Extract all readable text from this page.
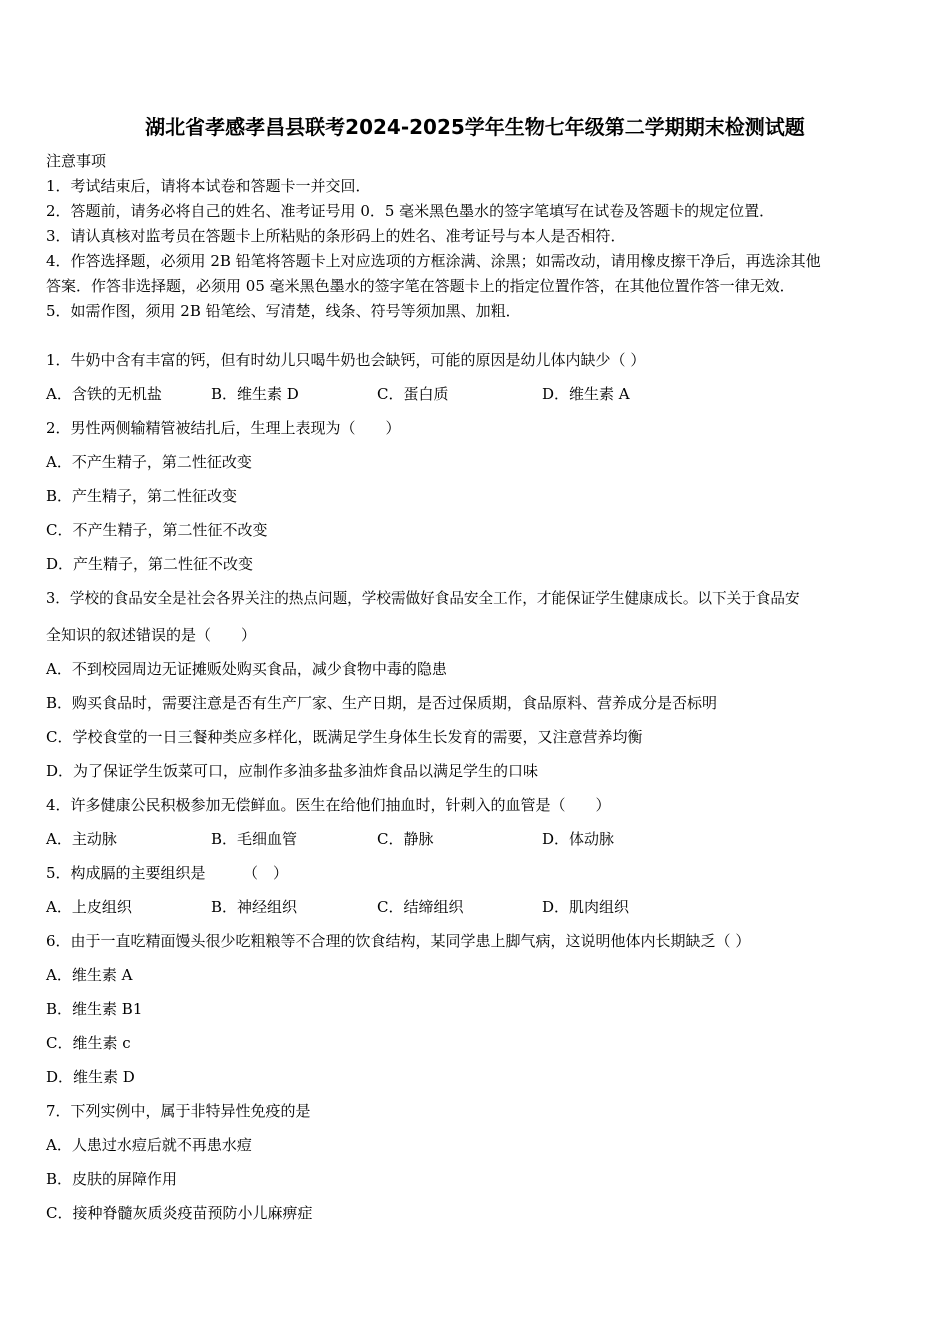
湖北省孝感孝昌县联考2024-2025学年生物七年级第二学期期末检测试题
注意事项
1．考试结束后，请将本试卷和答题卡一并交回．
2．答题前，请务必将自己的姓名、准考证号用 0．5 毫米黑色墨水的签字笔填写在试卷及答题卡的规定位置．
3．请认真核对监考员在答题卡上所粘贴的条形码上的姓名、准考证号与本人是否相符．
4．作答选择题，必须用 2B 铅笔将答题卡上对应选项的方框涂满、涂黑；如需改动，请用橡皮擦干净后，再选涂其他
答案．作答非选择题，必须用 05 毫米黑色墨水的签字笔在答题卡上的指定位置作答，在其他位置作答一律无效．
5．如需作图，须用 2B 铅笔绘、写清楚，线条、符号等须加黑、加粗．
1．牛奶中含有丰富的钙，但有时幼儿只喝牛奶也会缺钙，可能的原因是幼儿体内缺少（ ）
A．含铁的无机盐	B．维生素 D	C．蛋白质	D．维生素 A
2．男性两侧输精管被结扎后，生理上表现为（　　）
A．不产生精子，第二性征改变
B．产生精子，第二性征改变
C．不产生精子，第二性征不改变
D．产生精子，第二性征不改变
3．学校的食品安全是社会各界关注的热点问题，学校需做好食品安全工作，才能保证学生健康成长。以下关于食品安
全知识的叙述错误的是（　　）
A．不到校园周边无证摊贩处购买食品，减少食物中毒的隐患
B．购买食品时，需要注意是否有生产厂家、生产日期，是否过保质期，食品原料、营养成分是否标明
C．学校食堂的一日三餐种类应多样化，既满足学生身体生长发育的需要，又注意营养均衡
D．为了保证学生饭菜可口，应制作多油多盐多油炸食品以满足学生的口味
4．许多健康公民积极参加无偿鲜血。医生在给他们抽血时，针刺入的血管是（　　）
A．主动脉	B．毛细血管	C．静脉	D．体动脉
5．构成膈的主要组织是　　　（　）
A．上皮组织	B．神经组织	C．结缔组织	D．肌肉组织
6．由于一直吃精面馒头很少吃粗粮等不合理的饮食结构，某同学患上脚气病，这说明他体内长期缺乏（ ）
A．维生素 A
B．维生素 B1
C．维生素 c
D．维生素 D
7．下列实例中，属于非特异性免疫的是
A．人患过水痘后就不再患水痘
B．皮肤的屏障作用
C．接种脊髓灰质炎疫苗预防小儿麻痹症
